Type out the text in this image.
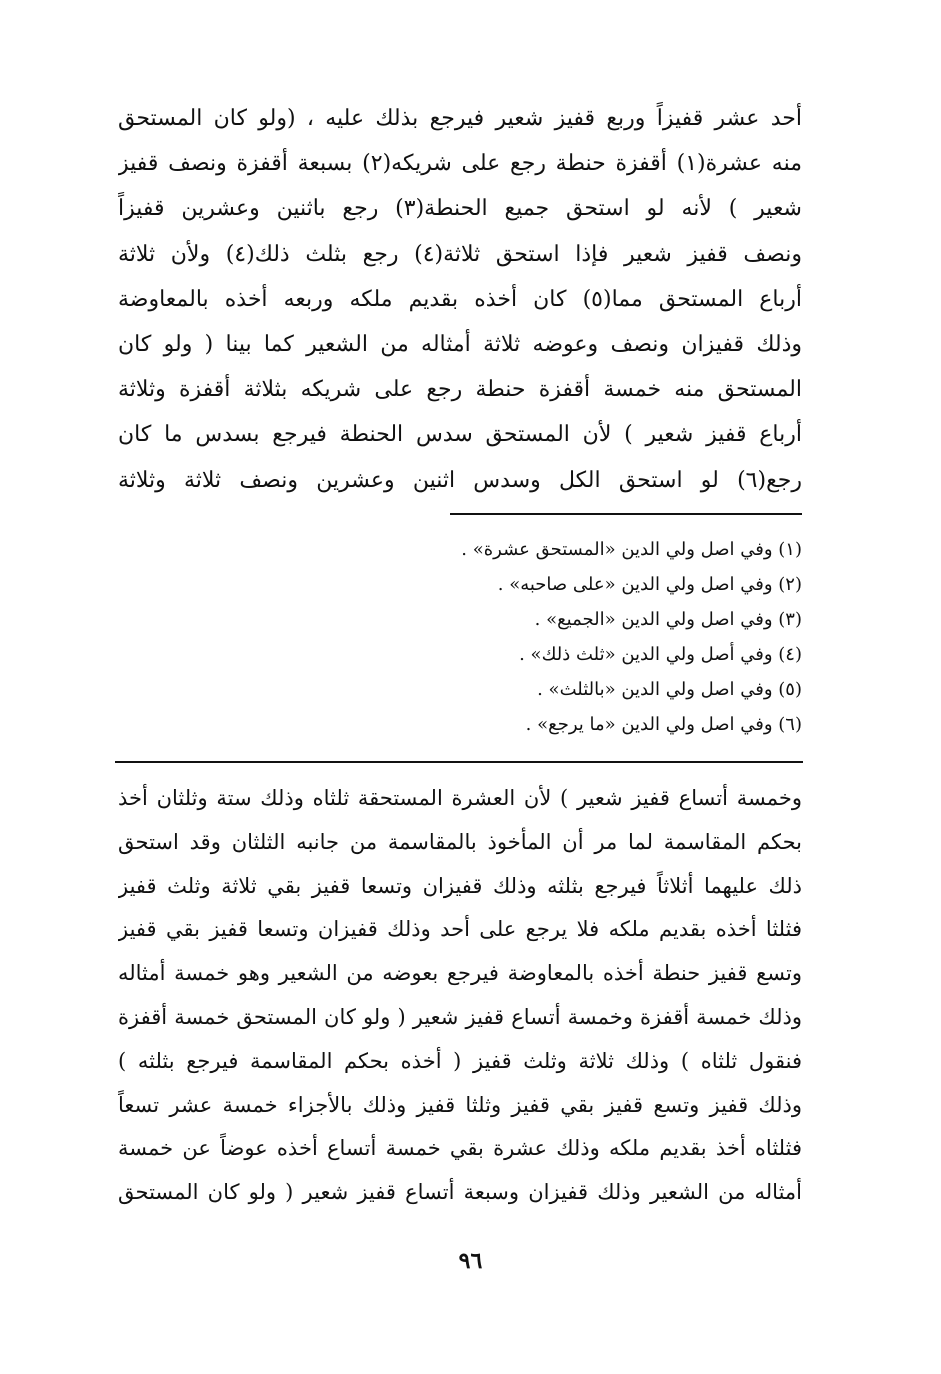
أحد عشر قفيزاً وربع قفيز شعير فيرجع بذلك عليه ، (ولو كان المستحق
منه عشرة(١) أقفزة حنطة رجع على شريكه(٢) بسبعة أقفزة ونصف قفيز
شعير ) لأنه لو استحق جميع الحنطة(٣) رجع باثنين وعشرين قفيزاً
ونصف قفيز شعير فإذا استحق ثلاثة(٤) رجع بثلث ذلك(٤) ولأن ثلاثة
أرباع المستحق مما(٥) كان أخذه بقديم ملكه وربعه أخذه بالمعاوضة
وذلك قفيزان ونصف وعوضه ثلاثة أمثاله من الشعير كما بينا ( ولو كان
المستحق منه خمسة أقفزة حنطة رجع على شريكه بثلاثة أقفزة وثلاثة
أرباع قفيز شعير ) لأن المستحق سدس الحنطة فيرجع بسدس ما كان
رجع(٦) لو استحق الكل وسدس اثنين وعشرين ونصف ثلاثة وثلاثة
(١) وفي اصل ولي الدين «المستحق عشرة» .
(٢) وفي اصل ولي الدين «على صاحبه» .
(٣) وفي اصل ولي الدين «الجميع» .
(٤) وفي أصل ولي الدين «ثلث ذلك» .
(٥) وفي اصل ولي الدين «بالثلث» .
(٦) وفي اصل ولي الدين «ما يرجع» .
وخمسة أتساع قفيز شعير ) لأن العشرة المستحقة ثلثاه وذلك ستة وثلثان أخذ
بحكم المقاسمة لما مر أن المأخوذ بالمقاسمة من جانبه الثلثان وقد استحق
ذلك عليهما أثلاثاً فيرجع بثلثه وذلك قفيزان وتسعا قفيز بقي ثلاثة وثلث قفيز
فثلثا أخذه بقديم ملكه فلا يرجع على أحد وذلك قفيزان وتسعا قفيز بقي قفيز
وتسع قفيز حنطة أخذه بالمعاوضة فيرجع بعوضه من الشعير وهو خمسة أمثاله
وذلك خمسة أقفزة وخمسة أتساع قفيز شعير ( ولو كان المستحق خمسة أقفزة
فنقول ثلثاه ) وذلك ثلاثة وثلث قفيز ( أخذه بحكم المقاسمة فيرجع بثلثه )
وذلك قفيز وتسع قفيز بقي قفيز وثلثا قفيز وذلك بالأجزاء خمسة عشر تسعاً
فثلثاه أخذ بقديم ملكه وذلك عشرة بقي خمسة أتساع أخذه عوضاً عن خمسة
أمثاله من الشعير وذلك قفيزان وسبعة أتساع قفيز شعير ( ولو كان المستحق
٩٦
